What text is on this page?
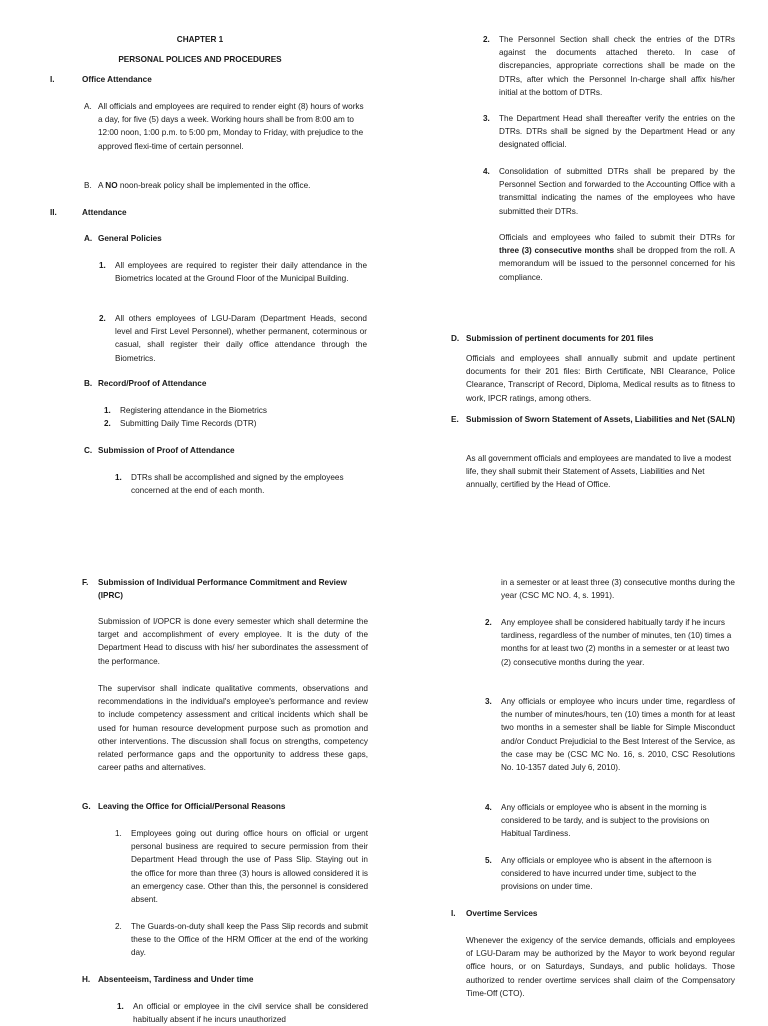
CHAPTER 1
PERSONAL POLICES AND PROCEDURES
I.	Office Attendance
A. All officials and employees are required to render eight (8) hours of works a day, for five (5) days a week. Working hours shall be from 8:00 am to 12:00 noon, 1:00 p.m. to 5:00 pm, Monday to Friday, with prejudice to the approved flexi-time of certain personnel.

B. A NO noon-break policy shall be implemented in the office.

II.	Attendance
A. General Policies
1. All employees are required to register their daily attendance in the Biometrics located at the Ground Floor of the Municipal Building.

2. All others employees of LGU-Daram (Department Heads, second level and First Level Personnel), whether permanent, coterminous or casual, shall register their daily office attendance through the Biometrics.

B. Record/Proof of Attendance
1. Registering attendance in the Biometrics
2. Submitting Daily Time Records (DTR)
C. Submission of Proof of Attendance
1. DTRs shall be accomplished and signed by the employees concerned at the end of each month.

2. The Personnel Section shall check the entries of the DTRs against the documents attached thereto. In case of discrepancies, appropriate corrections shall be made on the DTRs, after which the Personnel In-charge shall affix his/her initial at the bottom of DTRs.

3. The Department Head shall thereafter verify the entries on the DTRs. DTRs shall be signed by the Department Head or any designated official.

4. Consolidation of submitted DTRs shall be prepared by the Personnel Section and forwarded to the Accounting Office with a transmittal indicating the names of the employees who have submitted their DTRs.

Officials and employees who failed to submit their DTRs for three (3) consecutive months shall be dropped from the roll. A memorandum will be issued to the personnel concerned for his compliance.

D. Submission of pertinent documents for 201 files

Officials and employees shall annually submit and update pertinent documents for their 201 files: Birth Certificate, NBI Clearance, Police Clearance, Transcript of Record, Diploma, Medical results as to fitness to work, IPCR ratings, among others.

E. Submission of Sworn Statement of Assets, Liabilities and Net (SALN)

As all government officials and employees are mandated to live a modest life, they shall submit their Statement of Assets, Liabilities and Net annually, certified by the Head of Office.

F. Submission of Individual Performance Commitment and Review (IPRC)

Submission of I/OPCR is done every semester which shall determine the target and accomplishment of every employee. It is the duty of the Department Head to discuss with his/ her subordinates the assessment of the performance.

The supervisor shall indicate qualitative comments, observations and recommendations in the individual's employee's performance and review to include competency assessment and critical incidents which shall be used for human resource development purpose such as promotion and other interventions. The discussion shall focus on strengths, competency related performance gaps and the opportunity to address these gaps, career paths and alternatives.

G. Leaving the Office for Official/Personal Reasons
1. Employees going out during office hours on official or urgent personal business are required to secure permission from their Department Head through the use of Pass Slip. Staying out in the office for more than three (3) hours is allowed considered it is an emergency case. Other than this, the personnel is considered absent.

2. The Guards-on-duty shall keep the Pass Slip records and submit these to the Office of the HRM Officer at the end of the working day.

H. Absenteeism, Tardiness and Under time
1. An official or employee in the civil service shall be considered habitually absent if he incurs unauthorized

in a semester or at least three (3) consecutive months during the year (CSC MC NO. 4, s. 1991).

2. Any employee shall be considered habitually tardy if he incurs tardiness, regardless of the number of minutes, ten (10) times a months for at least two (2) months in a semester or at least two (2) consecutive months during the year.

3. Any officials or employee who incurs under time, regardless of the number of minutes/hours, ten (10) times a month for at least two months in a semester shall be liable for Simple Misconduct and/or Conduct Prejudicial to the Best Interest of the Service, as the case may be (CSC MC No. 16, s. 2010, CSC Resolutions No. 10-1357 dated July 6, 2010).

4. Any officials or employee who is absent in the morning is considered to be tardy, and is subject to the provisions on Habitual Tardiness.

5. Any officials or employee who is absent in the afternoon is considered to have incurred under time, subject to the provisions on under time.

I. Overtime Services

Whenever the exigency of the service demands, officials and employees of LGU-Daram may be authorized by the Mayor to work beyond regular office hours, or on Saturdays, Sundays, and public holidays. Those authorized to render overtime services shall claim of the Compensatory Time-Off (CTO).
